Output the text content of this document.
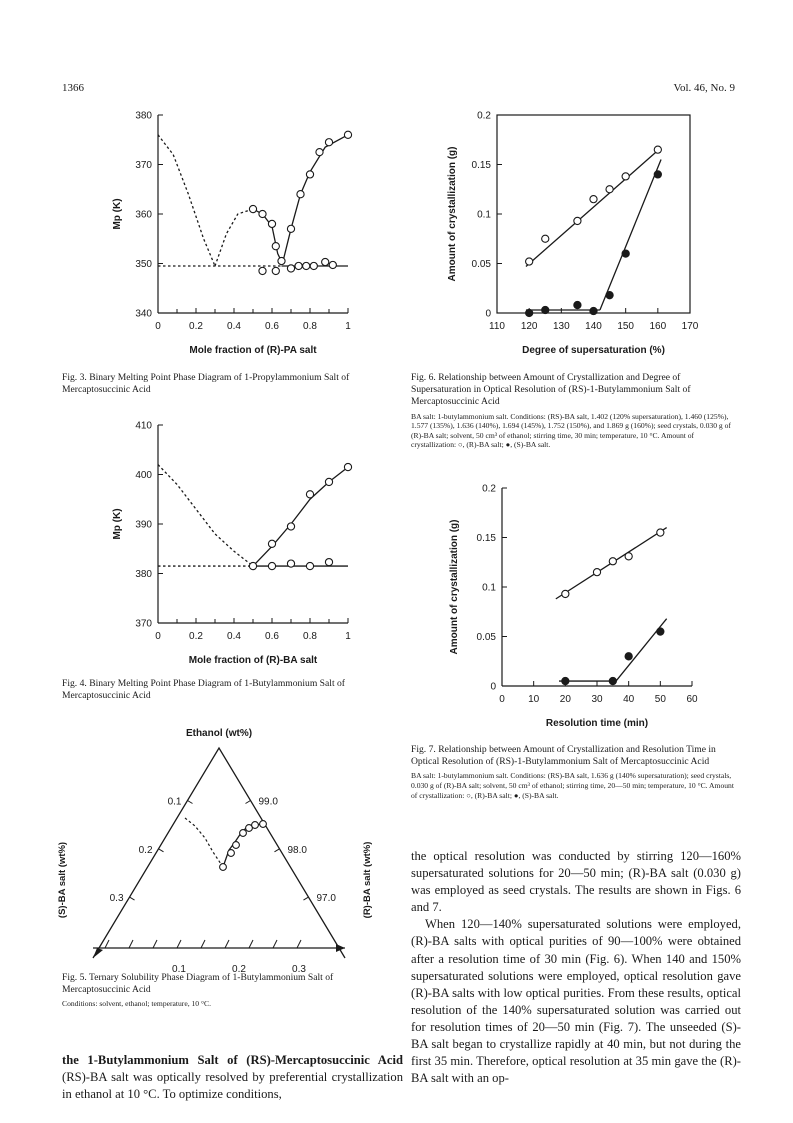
1366	Vol. 46, No. 9
0	0.2 0.4 0.6 0.8	1
340
350
360
370
380
Mole fraction of (R)-PA salt
Mp (K)
Fig. 3. Binary Melting Point Phase Diagram of 1-Propylammonium Salt of Mercaptosuccinic Acid
0	0.2 0.4 0.6 0.8	1
370
380
390
400
410
Mole fraction of (R)-BA salt
Mp (K)
Fig. 4. Binary Melting Point Phase Diagram of 1-Butylammonium Salt of Mercaptosuccinic Acid
Ethanol (wt%)
0.1
0.2
0.3
99.0
98.0
97.0
0.1	0.2	0.3
(S)-BA salt (wt%)	(R)-BA salt (wt%)
Fig. 5. Ternary Solubility Phase Diagram of 1-Butylammonium Salt of Mercaptosuccinic Acid
Conditions: solvent, ethanol; temperature, 10 °C.
110 120 130 140 150 160 170
0
0.05
0.1
0.15
0.2
Degree of supersaturation (%)
Amount of crystallization (g)
Fig. 6. Relationship between Amount of Crystallization and Degree of Supersaturation in Optical Resolution of (RS)-1-Butylammonium Salt of Mercaptosuccinic Acid
BA salt: 1-butylammonium salt. Conditions: (RS)-BA salt, 1.402 (120% supersaturation), 1.460 (125%), 1.577 (135%), 1.636 (140%), 1.694 (145%), 1.752 (150%), and 1.869 g (160%); seed crystals, 0.030 g of (R)-BA salt; solvent, 50 cm³ of ethanol; stirring time, 30 min; temperature, 10 °C. Amount of crystallization: ○, (R)-BA salt; ●, (S)-BA salt.
0 10 20 30 40 50 60
0
0.05
0.1
0.15
0.2
Resolution time (min)
Amount of crystallization (g)
Fig. 7. Relationship between Amount of Crystallization and Resolution Time in Optical Resolution of (RS)-1-Butylammonium Salt of Mercaptosuccinic Acid
BA salt: 1-butylammonium salt. Conditions: (RS)-BA salt, 1.636 g (140% supersaturation); seed crystals, 0.030 g of (R)-BA salt; solvent, 50 cm³ of ethanol; stirring time, 20—50 min; temperature, 10 °C. Amount of crystallization: ○, (R)-BA salt; ●, (S)-BA salt.

the 1-Butylammonium Salt of (RS)-Mercaptosuccinic Acid (RS)-BA salt was optically resolved by preferential crystallization in ethanol at 10 °C. To optimize conditions,

the optical resolution was conducted by stirring 120—160% supersaturated solutions for 20—50 min; (R)-BA salt (0.030 g) was employed as seed crystals. The results are shown in Figs. 6 and 7.

When 120—140% supersaturated solutions were employed, (R)-BA salts with optical purities of 90—100% were obtained after a resolution time of 30 min (Fig. 6). When 140 and 150% supersaturated solutions were employed, optical resolution gave (R)-BA salts with low optical purities. From these results, optical resolution of the 140% supersaturated solution was carried out for resolution times of 20—50 min (Fig. 7). The unseeded (S)-BA salt began to crystallize rapidly at 40 min, but not during the first 35 min. Therefore, optical resolution at 35 min gave the (R)-BA salt with an op-
